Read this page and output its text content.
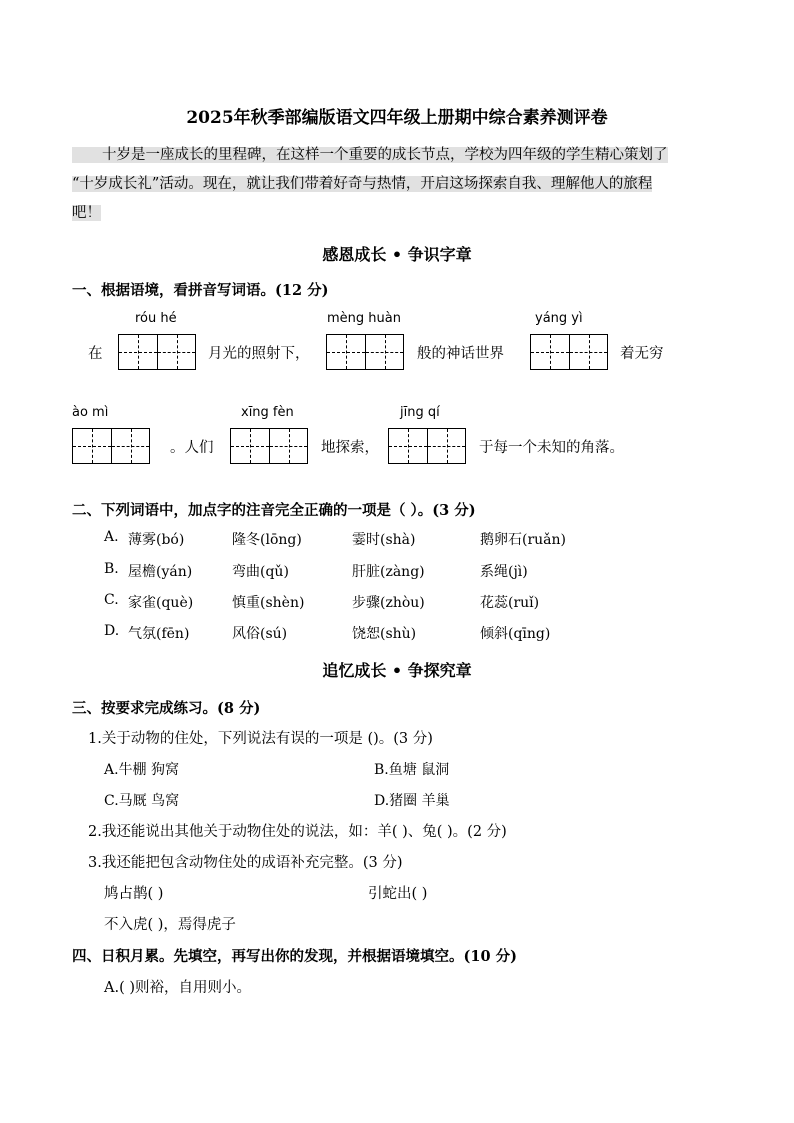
2025年秋季部编版语文四年级上册期中综合素养测评卷
十岁是一座成长的里程碑，在这样一个重要的成长节点，学校为四年级的学生精心策划了
“十岁成长礼”活动。现在，就让我们带着好奇与热情，开启这场探索自我、理解他人的旅程
吧！
感恩成长 • 争识字章
一、根据语境，看拼音写词语。(12 分)
róu hé	mèng huàn	yáng yì
在	月光的照射下，	般的神话世界	着无穷
ào mì	xīng fèn	jīng qí
。人们	地探索，	于每一个未知的角落。
二、下列词语中，加点字的注音完全正确的一项是（ ）。(3 分)
A. 薄雾(bó)	隆冬(lōng)	霎时(shà)	鹅卵石(ruǎn)
B. 屋檐(yán)	弯曲(qǔ)	肝脏(zàng)	系绳(jì)
C. 家雀(què)	慎重(shèn)	步骤(zhòu)	花蕊(ruǐ)
D. 气氛(fēn)	风俗(sú)	饶恕(shù)	倾斜(qīng)
追忆成长 • 争探究章
三、按要求完成练习。(8 分)
1.关于动物的住处，下列说法有误的一项是 ()。(3 分)
A.牛棚 狗窝	B.鱼塘 鼠洞
C.马厩 鸟窝	D.猪圈 羊巢
2.我还能说出其他关于动物住处的说法，如：羊( )、兔( )。(2 分)
3.我还能把包含动物住处的成语补充完整。(3 分)
鸠占鹊( )	引蛇出( )
不入虎( )，焉得虎子
四、日积月累。先填空，再写出你的发现，并根据语境填空。(10 分)
A.( )则裕，自用则小。
